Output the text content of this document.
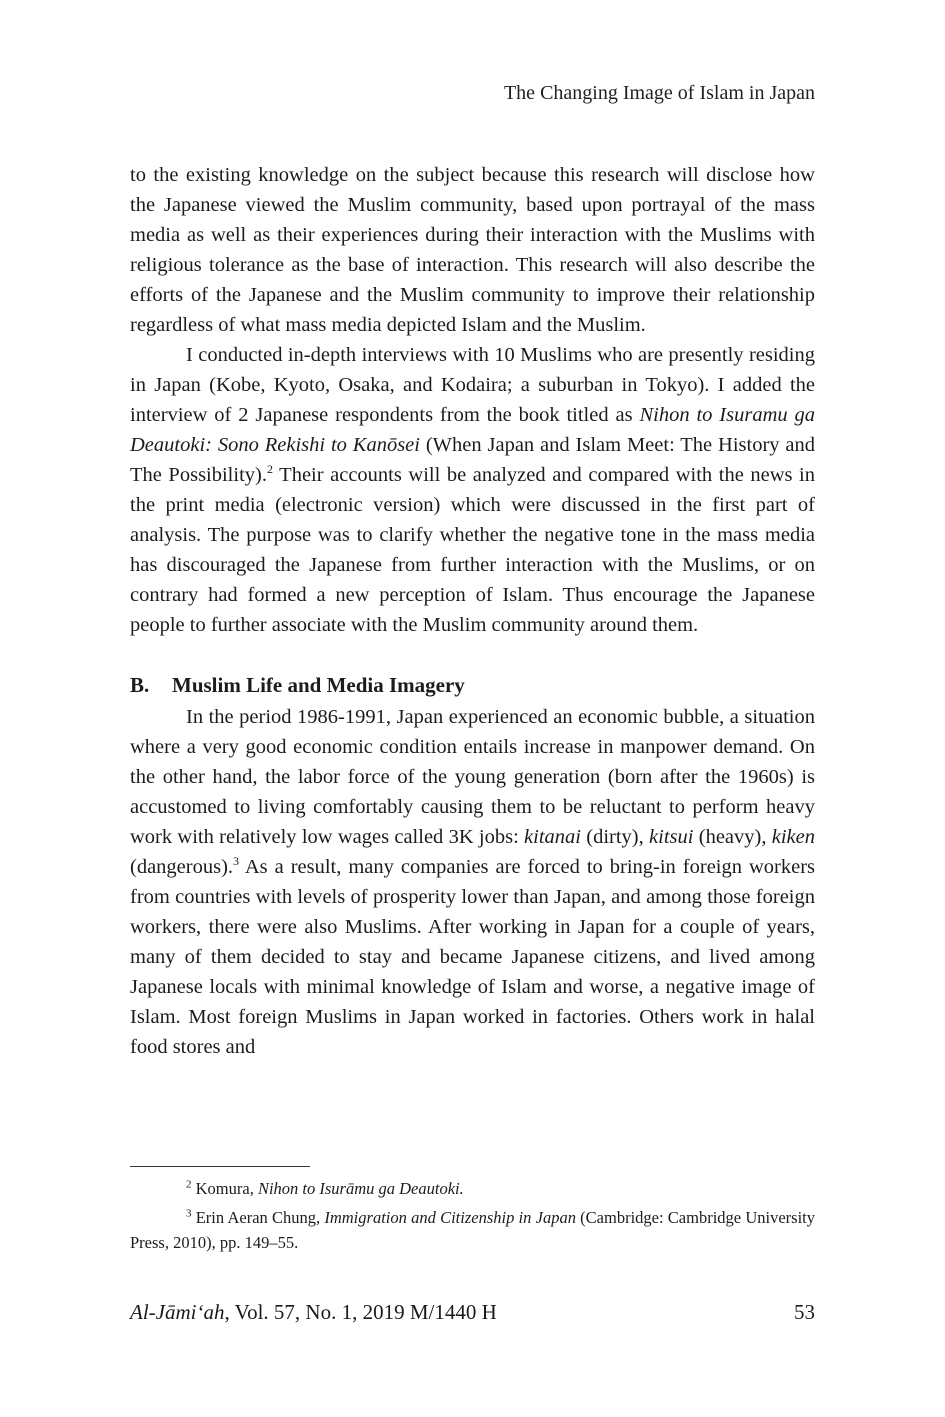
The Changing Image of Islam in Japan

to the existing knowledge on the subject because this research will disclose how the Japanese viewed the Muslim community, based upon portrayal of the mass media as well as their experiences during their interaction with the Muslims with religious tolerance as the base of interaction. This research will also describe the efforts of the Japanese and the Muslim community to improve their relationship regardless of what mass media depicted Islam and the Muslim.

I conducted in-depth interviews with 10 Muslims who are presently residing in Japan (Kobe, Kyoto, Osaka, and Kodaira; a suburban in Tokyo). I added the interview of 2 Japanese respondents from the book titled as Nihon to Isuramu ga Deautoki: Sono Rekishi to Kanōsei (When Japan and Islam Meet: The History and The Possibility).$^2$ Their accounts will be analyzed and compared with the news in the print media (electronic version) which were discussed in the first part of analysis. The purpose was to clarify whether the negative tone in the mass media has discouraged the Japanese from further interaction with the Muslims, or on contrary had formed a new perception of Islam. Thus encourage the Japanese people to further associate with the Muslim community around them.

B. Muslim Life and Media Imagery

In the period 1986-1991, Japan experienced an economic bubble, a situation where a very good economic condition entails increase in manpower demand. On the other hand, the labor force of the young generation (born after the 1960s) is accustomed to living comfortably causing them to be reluctant to perform heavy work with relatively low wages called 3K jobs: kitanai (dirty), kitsui (heavy), kiken (dangerous).$^3$ As a result, many companies are forced to bring-in foreign workers from countries with levels of prosperity lower than Japan, and among those foreign workers, there were also Muslims. After working in Japan for a couple of years, many of them decided to stay and became Japanese citizens, and lived among Japanese locals with minimal knowledge of Islam and worse, a negative image of Islam. Most foreign Muslims in Japan worked in factories. Others work in halal food stores and

$^2$ Komura, Nihon to Isurāmu ga Deautoki.

$^3$ Erin Aeran Chung, Immigration and Citizenship in Japan (Cambridge: Cambridge University Press, 2010), pp. 149–55.

Al-Jāmi‘ah, Vol. 57, No. 1, 2019 M/1440 H	53
